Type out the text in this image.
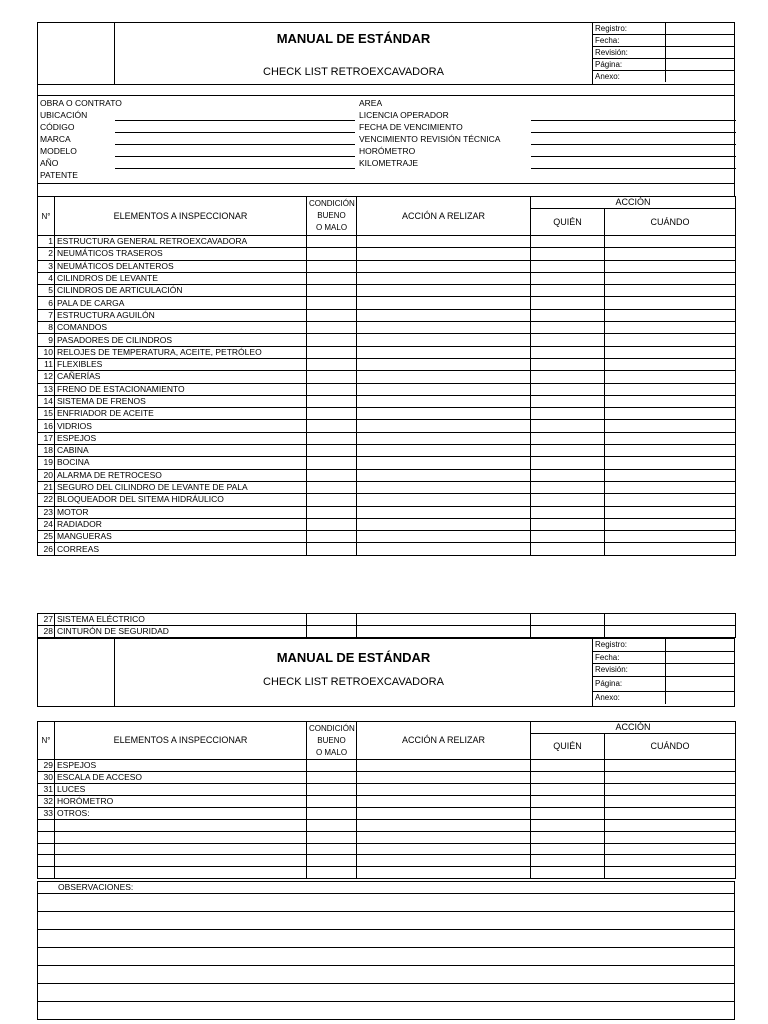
MANUAL DE ESTÁNDAR
CHECK LIST RETROEXCAVADORA
Registro:	
Fecha:	
Revisión:	
Página:	
Anexo:	
OBRA O CONTRATO
UBICACIÓN
CÓDIGO
MARCA
MODELO
AÑO
PATENTE
AREA
LICENCIA OPERADOR
FECHA DE VENCIMIENTO
VENCIMIENTO REVISIÓN TÉCNICA
HORÓMETRO
KILOMETRAJE
N°	ELEMENTOS A INSPECCIONAR	CONDICIÓN
BUENO
O MALO	ACCIÓN A RELIZAR	ACCIÓN	
				QUIÉN	CUÁNDO
1	ESTRUCTURA GENERAL RETROEXCAVADORA				
2	NEUMÁTICOS TRASEROS				
3	NEUMÁTICOS DELANTEROS				
4	CILINDROS DE LEVANTE				
5	CILINDROS DE ARTICULACIÓN				
6	PALA DE CARGA				
7	ESTRUCTURA AGUILÓN				
8	COMANDOS				
9	PASADORES DE CILINDROS				
10	RELOJES DE TEMPERATURA, ACEITE, PETRÓLEO				
11	FLEXIBLES				
12	CAÑERÍAS				
13	FRENO DE ESTACIONAMIENTO				
14	SISTEMA DE FRENOS				
15	ENFRIADOR DE ACEITE				
16	VIDRIOS				
17	ESPEJOS				
18	CABINA				
19	BOCINA				
20	ALARMA DE RETROCESO				
21	SEGURO DEL CILINDRO DE LEVANTE DE PALA				
22	BLOQUEADOR DEL SITEMA HIDRÁULICO				
23	MOTOR				
24	RADIADOR				
25	MANGUERAS				
26	CORREAS				
27	SISTEMA ELÉCTRICO				
28	CINTURÓN DE SEGURIDAD				
MANUAL DE ESTÁNDAR
CHECK LIST RETROEXCAVADORA
Registro:	
Fecha:	
Revisión:	
Página:	
Anexo:	
N°	ELEMENTOS A INSPECCIONAR	CONDICIÓN
BUENO
O MALO	ACCIÓN A RELIZAR	ACCIÓN	
				QUIÉN	CUÁNDO
29	ESPEJOS				
30	ESCALA DE ACCESO				
31	LUCES				
32	HORÓMETRO				
33	OTROS:				

OBSERVACIONES:
